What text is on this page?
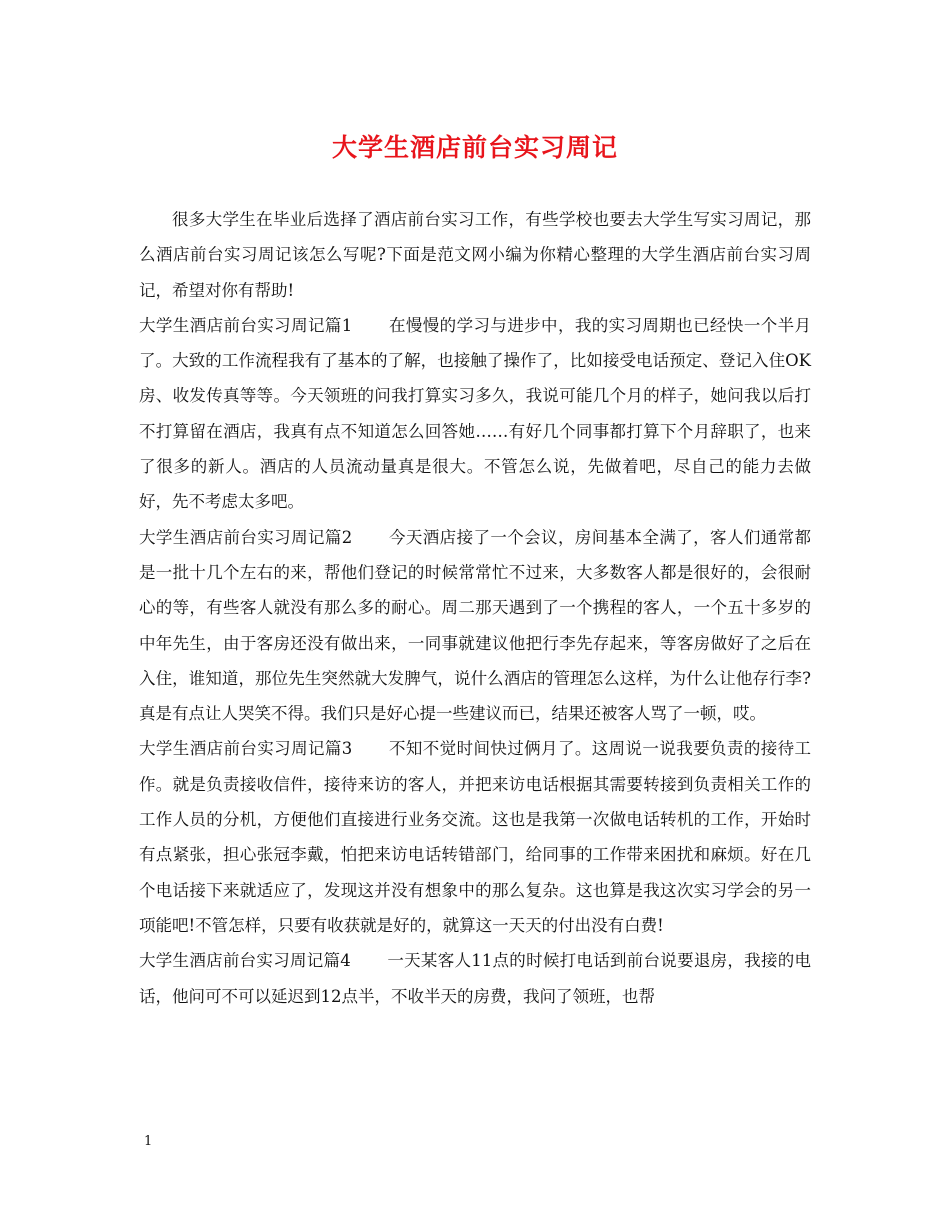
大学生酒店前台实习周记

很多大学生在毕业后选择了酒店前台实习工作，有些学校也要去大学生写实习周记，那么酒店前台实习周记该怎么写呢?下面是范文网小编为你精心整理的大学生酒店前台实习周记，希望对你有帮助!

大学生酒店前台实习周记篇1 在慢慢的学习与进步中，我的实习周期也已经快一个半月了。大致的工作流程我有了基本的了解，也接触了操作了，比如接受电话预定、登记入住OK房、收发传真等等。今天领班的问我打算实习多久，我说可能几个月的样子，她问我以后打不打算留在酒店，我真有点不知道怎么回答她……有好几个同事都打算下个月辞职了，也来了很多的新人。酒店的人员流动量真是很大。不管怎么说，先做着吧，尽自己的能力去做好，先不考虑太多吧。

大学生酒店前台实习周记篇2 今天酒店接了一个会议，房间基本全满了，客人们通常都是一批十几个左右的来，帮他们登记的时候常常忙不过来，大多数客人都是很好的，会很耐心的等，有些客人就没有那么多的耐心。周二那天遇到了一个携程的客人，一个五十多岁的中年先生，由于客房还没有做出来，一同事就建议他把行李先存起来，等客房做好了之后在入住，谁知道，那位先生突然就大发脾气，说什么酒店的管理怎么这样，为什么让他存行李?真是有点让人哭笑不得。我们只是好心提一些建议而已，结果还被客人骂了一顿，哎。

大学生酒店前台实习周记篇3 不知不觉时间快过俩月了。这周说一说我要负责的接待工作。就是负责接收信件，接待来访的客人，并把来访电话根据其需要转接到负责相关工作的工作人员的分机，方便他们直接进行业务交流。这也是我第一次做电话转机的工作，开始时有点紧张，担心张冠李戴，怕把来访电话转错部门，给同事的工作带来困扰和麻烦。好在几个电话接下来就适应了，发现这并没有想象中的那么复杂。这也算是我这次实习学会的另一项能吧!不管怎样，只要有收获就是好的，就算这一天天的付出没有白费!

大学生酒店前台实习周记篇4 一天某客人11点的时候打电话到前台说要退房，我接的电话，他问可不可以延迟到12点半，不收半天的房费，我问了领班，也帮

1
